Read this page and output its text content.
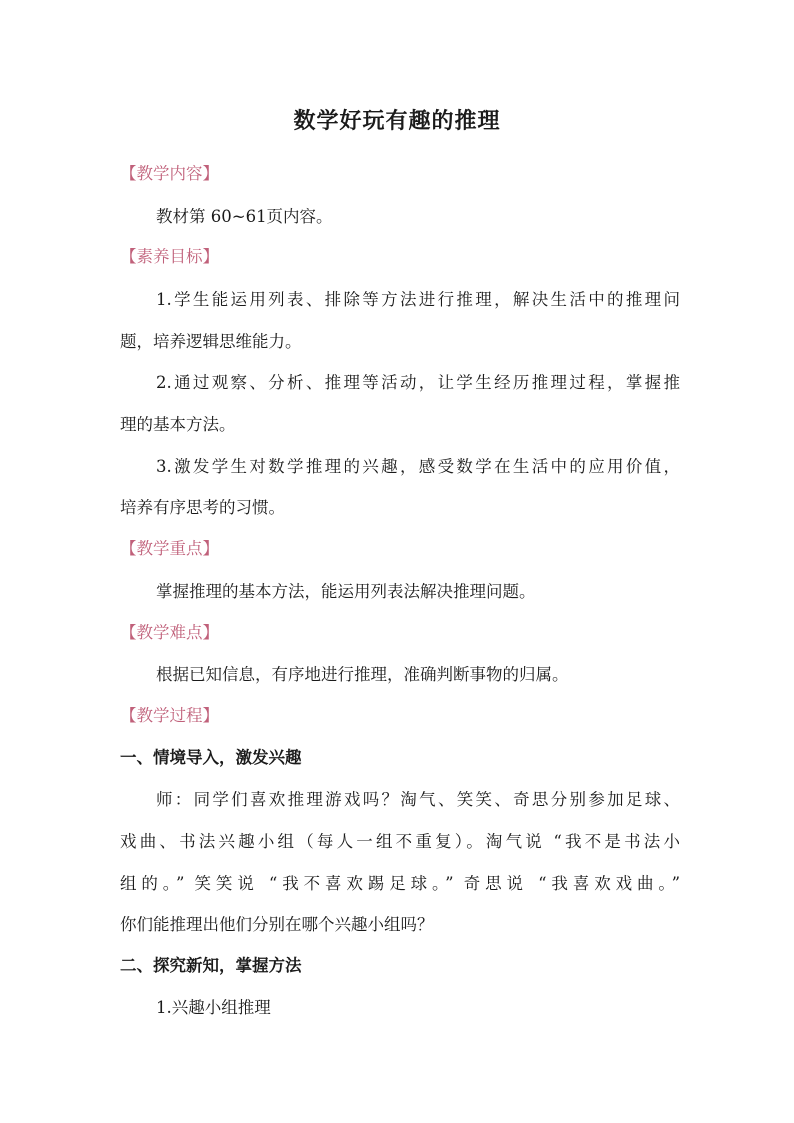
数学好玩有趣的推理
【教学内容】
教材第 60~61页内容。
【素养目标】
1.学生能运用列表、排除等方法进行推理，解决生活中的推理问
题，培养逻辑思维能力。
2.通过观察、分析、推理等活动，让学生经历推理过程，掌握推
理的基本方法。
3.激发学生对数学推理的兴趣，感受数学在生活中的应用价值，
培养有序思考的习惯。
【教学重点】
掌握推理的基本方法，能运用列表法解决推理问题。
【教学难点】
根据已知信息，有序地进行推理，准确判断事物的归属。
【教学过程】
一、情境导入，激发兴趣
师：同学们喜欢推理游戏吗？淘气、笑笑、奇思分别参加足球、
戏曲、书法兴趣小组（每人一组不重复）。淘气说 “我不是书法小
组的。” 笑笑说 “我不喜欢踢足球。” 奇思说 “我喜欢戏曲。”
你们能推理出他们分别在哪个兴趣小组吗？
二、探究新知，掌握方法
1.兴趣小组推理
